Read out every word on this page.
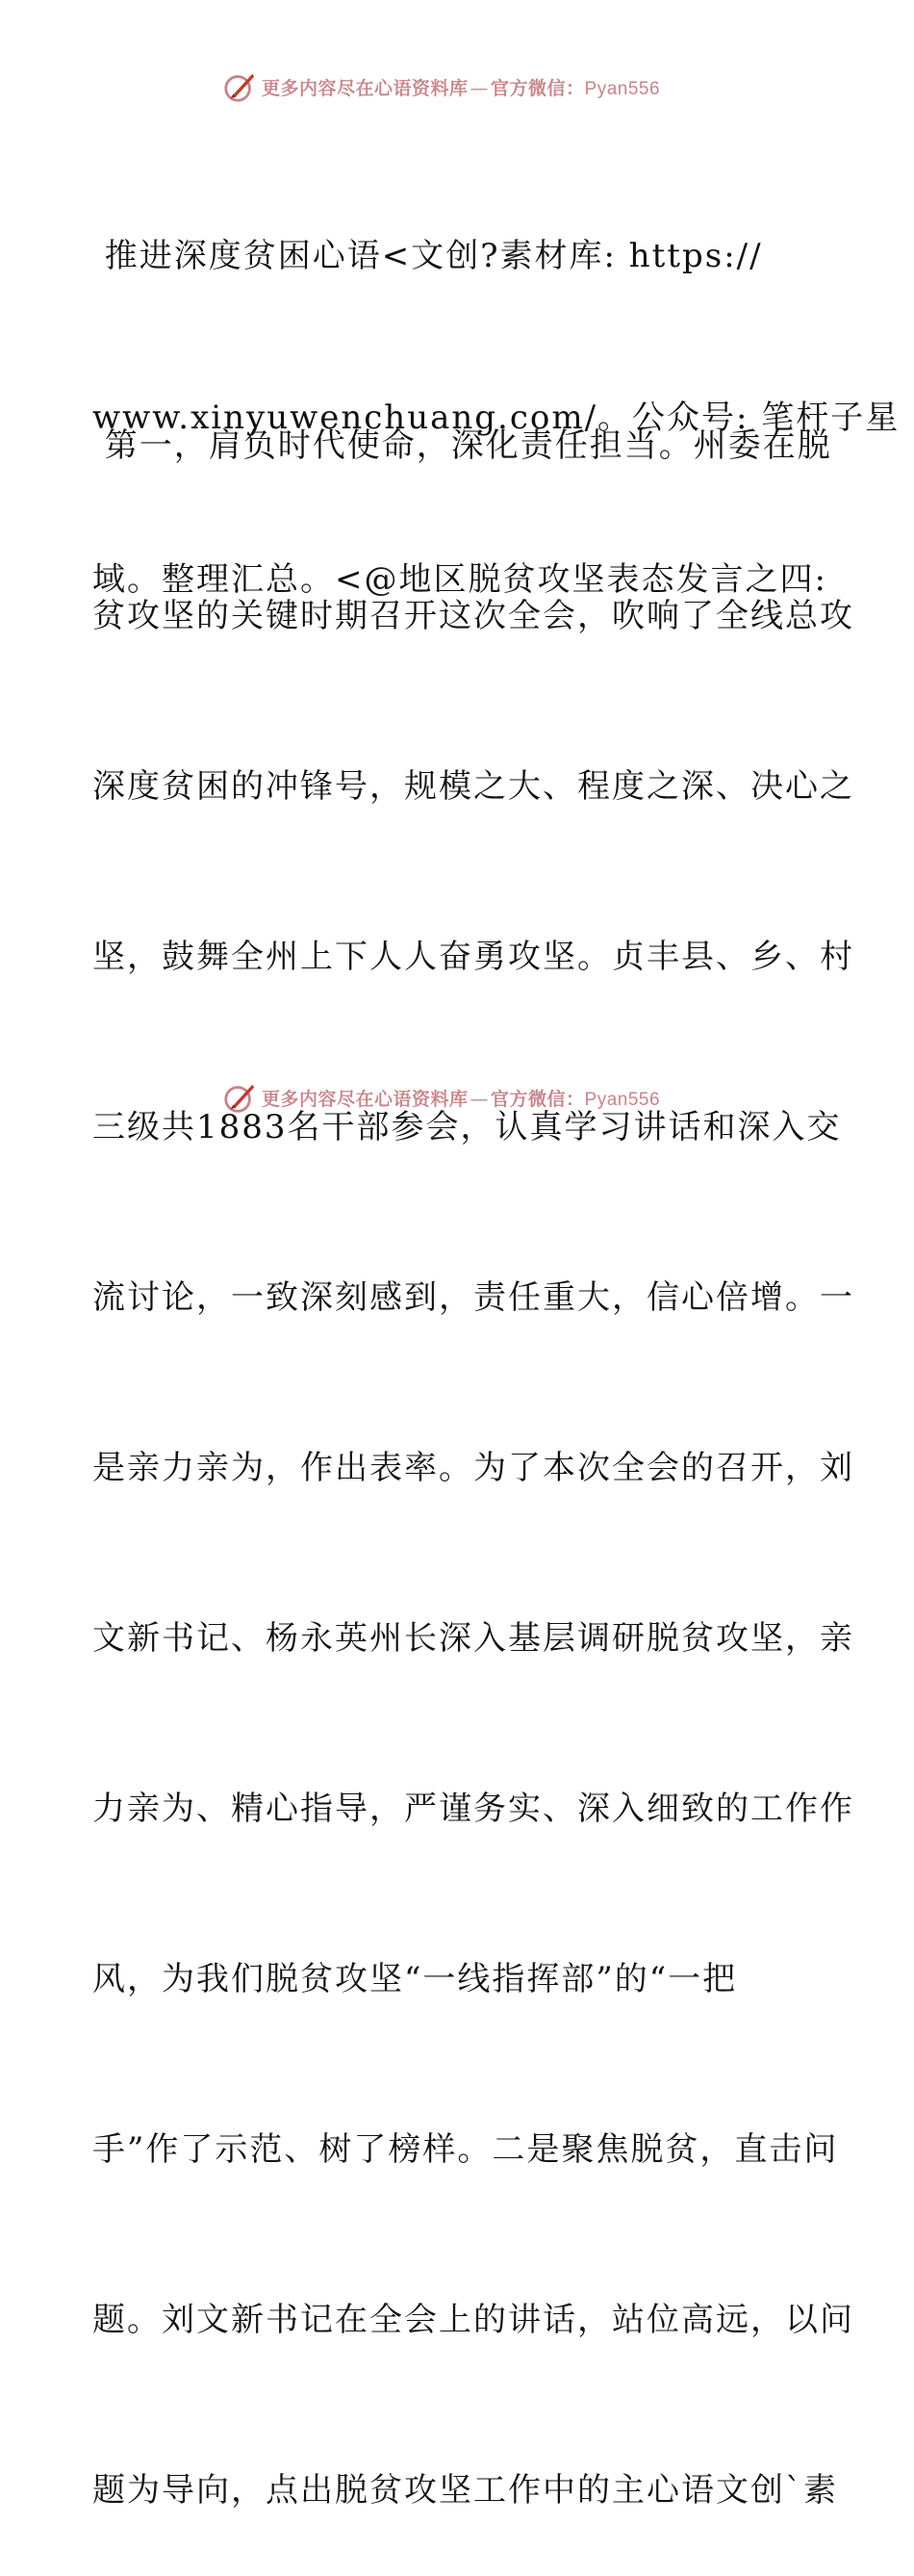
更多内容尽在心语资料库 — 官方微信：Pyan556

推进深度贫困心语<文创?素材库: https://

www.xinyuwenchuang.com/。公众号: 笔杆子星

域。整理汇总。<@地区脱贫攻坚表态发言之四:

第一，肩负时代使命，深化责任担当。州委在脱

贫攻坚的关键时期召开这次全会，吹响了全线总攻

深度贫困的冲锋号，规模之大、程度之深、决心之

坚，鼓舞全州上下人人奋勇攻坚。贞丰县、乡、村

三级共1883名干部参会，认真学习讲话和深入交

流讨论，一致深刻感到，责任重大，信心倍增。一

是亲力亲为，作出表率。为了本次全会的召开，刘

文新书记、杨永英州长深入基层调研脱贫攻坚，亲

力亲为、精心指导，严谨务实、深入细致的工作作

风，为我们脱贫攻坚“一线指挥部”的“一把

手”作了示范、树了榜样。二是聚焦脱贫，直击问

题。刘文新书记在全会上的讲话，站位高远，以问

题为导向，点出脱贫攻坚工作中的主心语文创`素

更多内容尽在心语资料库 — 官方微信：Pyan556
